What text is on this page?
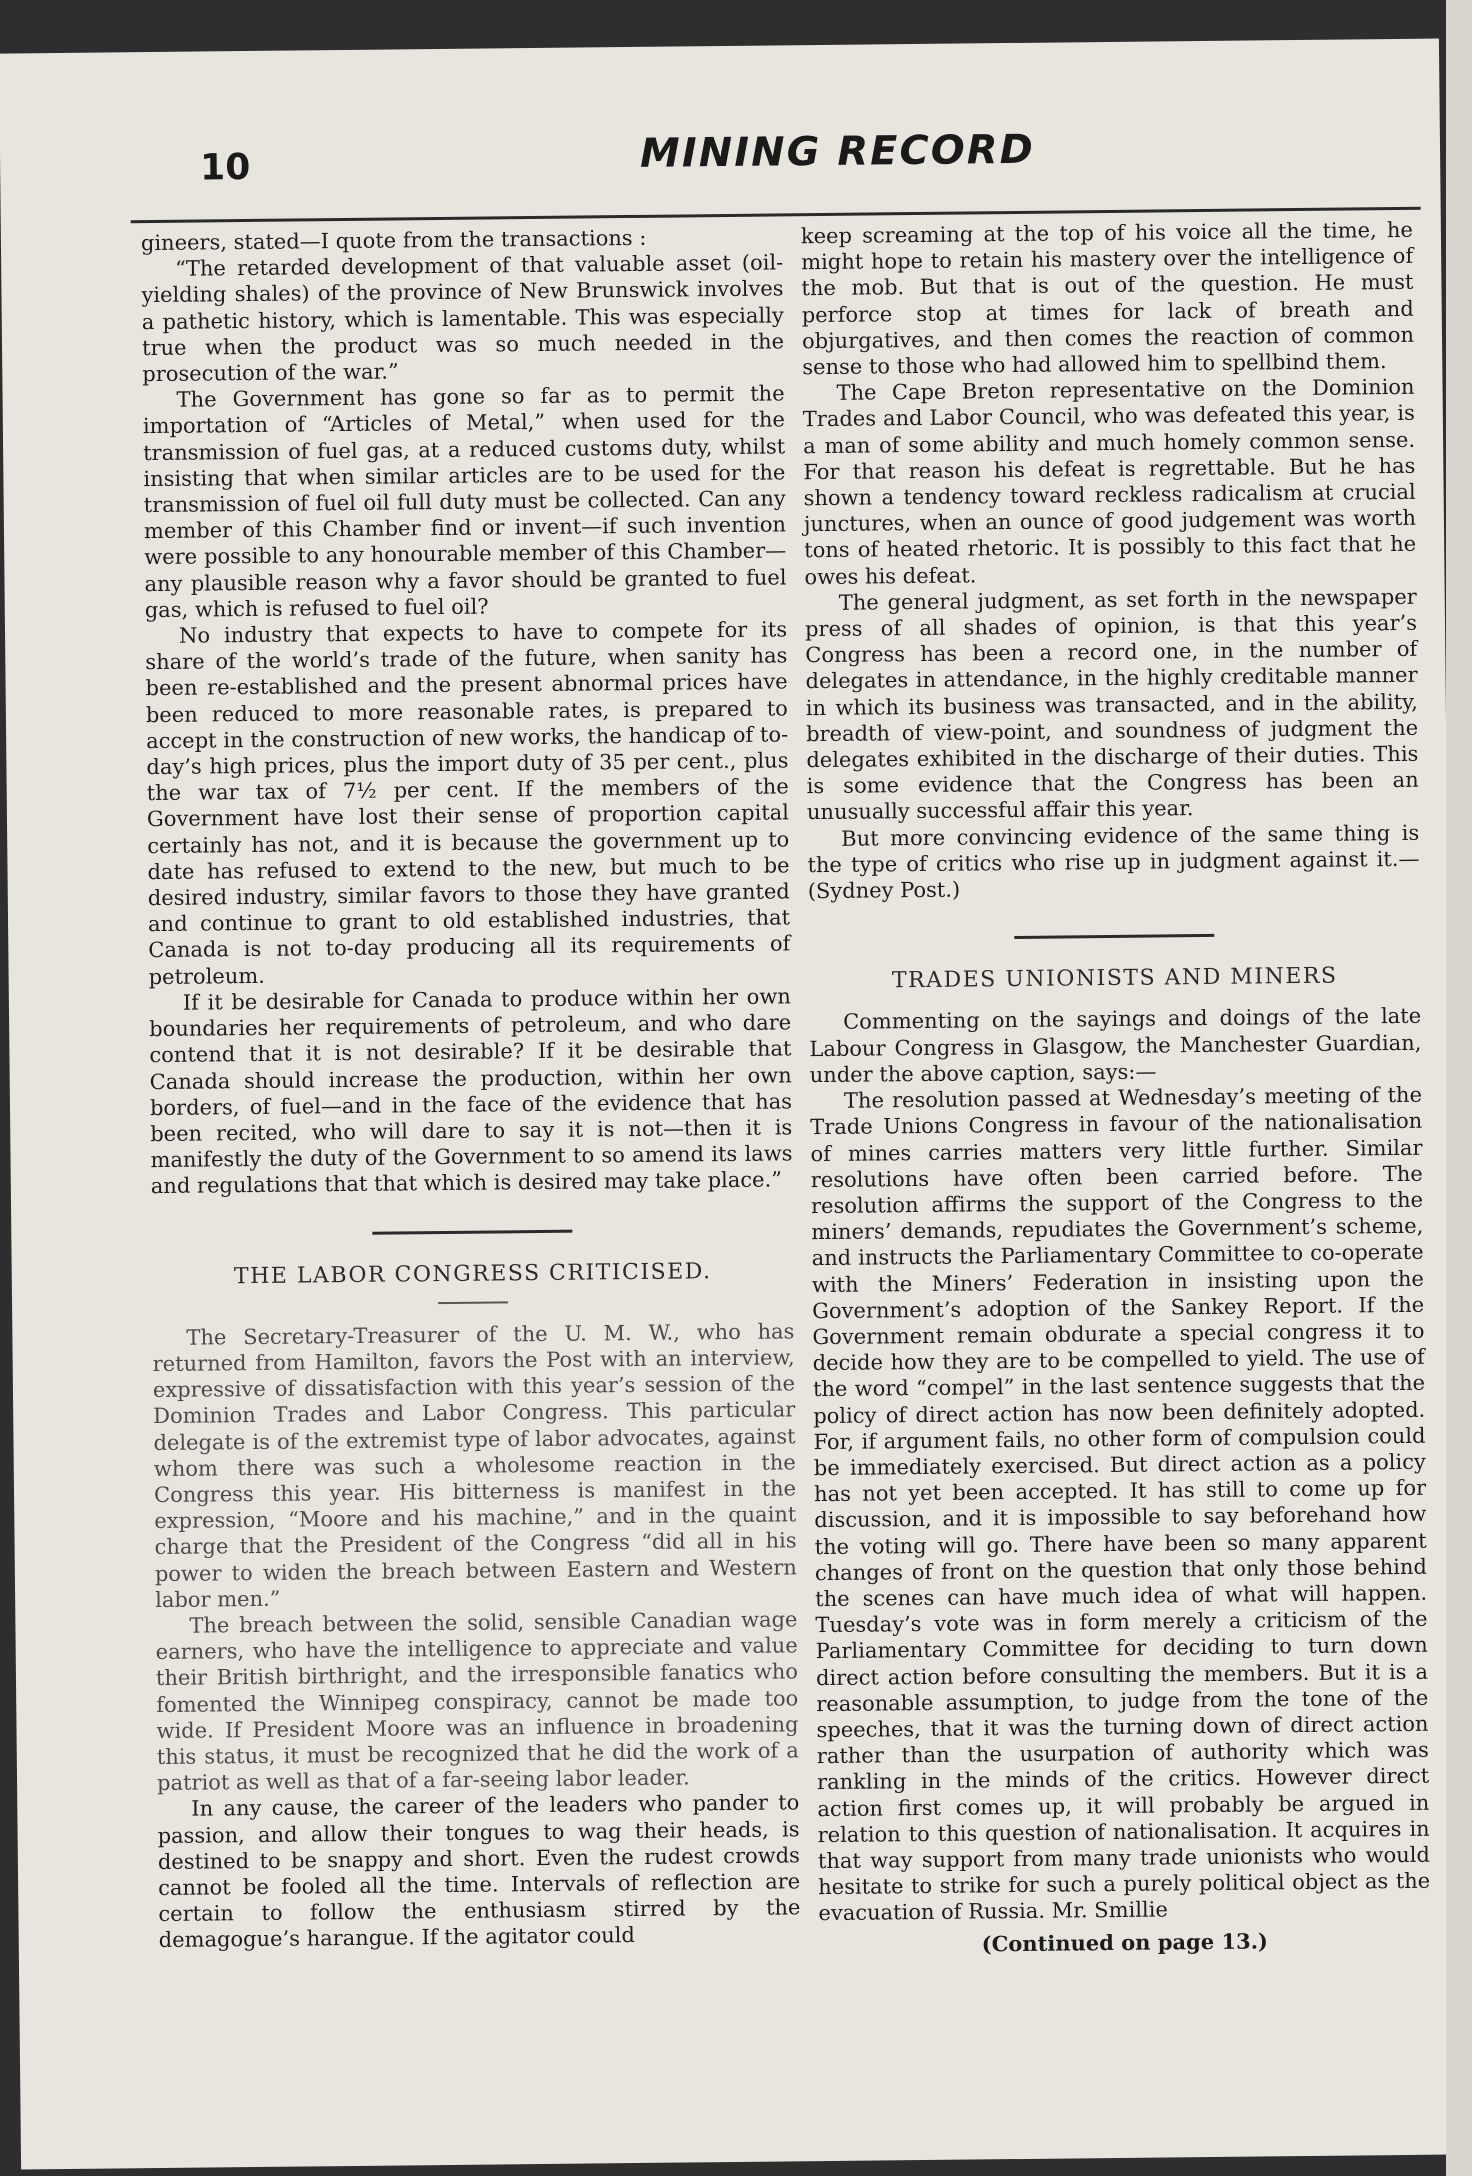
10	MINING RECORD

gineers, stated—I quote from the transactions :

“The retarded development of that valuable asset (oil-yielding shales) of the province of New Brunswick involves a pathetic history, which is lamentable. This was especially true when the product was so much needed in the prosecution of the war.”

The Government has gone so far as to permit the importation of “Articles of Metal,” when used for the transmission of fuel gas, at a reduced customs duty, whilst insisting that when similar articles are to be used for the transmission of fuel oil full duty must be collected. Can any member of this Chamber find or invent—if such invention were possible to any honourable member of this Chamber—any plausible reason why a favor should be granted to fuel gas, which is refused to fuel oil?

No industry that expects to have to compete for its share of the world’s trade of the future, when sanity has been re-established and the present abnormal prices have been reduced to more reasonable rates, is prepared to accept in the construction of new works, the handicap of to-day’s high prices, plus the import duty of 35 per cent., plus the war tax of 7½ per cent. If the members of the Government have lost their sense of proportion capital certainly has not, and it is because the government up to date has refused to extend to the new, but much to be desired industry, similar favors to those they have granted and continue to grant to old established industries, that Canada is not to-day producing all its requirements of petroleum.

If it be desirable for Canada to produce within her own boundaries her requirements of petroleum, and who dare contend that it is not desirable? If it be desirable that Canada should increase the production, within her own borders, of fuel—and in the face of the evidence that has been recited, who will dare to say it is not—then it is manifestly the duty of the Government to so amend its laws and regulations that that which is desired may take place.”

THE LABOR CONGRESS CRITICISED.

The Secretary-Treasurer of the U. M. W., who has returned from Hamilton, favors the Post with an interview, expressive of dissatisfaction with this year’s session of the Dominion Trades and Labor Congress. This particular delegate is of the extremist type of labor advocates, against whom there was such a wholesome reaction in the Congress this year. His bitterness is manifest in the expression, “Moore and his machine,” and in the quaint charge that the President of the Congress “did all in his power to widen the breach between Eastern and Western labor men.”

The breach between the solid, sensible Canadian wage earners, who have the intelligence to appreciate and value their British birthright, and the irresponsible fanatics who fomented the Winnipeg conspiracy, cannot be made too wide. If President Moore was an influence in broadening this status, it must be recognized that he did the work of a patriot as well as that of a far-seeing labor leader.

In any cause, the career of the leaders who pander to passion, and allow their tongues to wag their heads, is destined to be snappy and short. Even the rudest crowds cannot be fooled all the time. Intervals of reflection are certain to follow the enthusiasm stirred by the demagogue’s harangue. If the agitator could

keep screaming at the top of his voice all the time, he might hope to retain his mastery over the intelligence of the mob. But that is out of the question. He must perforce stop at times for lack of breath and objurgatives, and then comes the reaction of common sense to those who had allowed him to spellbind them.

The Cape Breton representative on the Dominion Trades and Labor Council, who was defeated this year, is a man of some ability and much homely common sense. For that reason his defeat is regrettable. But he has shown a tendency toward reckless radicalism at crucial junctures, when an ounce of good judgement was worth tons of heated rhetoric. It is possibly to this fact that he owes his defeat.

The general judgment, as set forth in the newspaper press of all shades of opinion, is that this year’s Congress has been a record one, in the number of delegates in attendance, in the highly creditable manner in which its business was transacted, and in the ability, breadth of view-point, and soundness of judgment the delegates exhibited in the discharge of their duties. This is some evidence that the Congress has been an unusually successful affair this year.

But more convincing evidence of the same thing is the type of critics who rise up in judgment against it.—(Sydney Post.)

TRADES UNIONISTS AND MINERS

Commenting on the sayings and doings of the late Labour Congress in Glasgow, the Manchester Guardian, under the above caption, says:—

The resolution passed at Wednesday’s meeting of the Trade Unions Congress in favour of the nationalisation of mines carries matters very little further. Similar resolutions have often been carried before. The resolution affirms the support of the Congress to the miners’ demands, repudiates the Government’s scheme, and instructs the Parliamentary Committee to co-operate with the Miners’ Federation in insisting upon the Government’s adoption of the Sankey Report. If the Government remain obdurate a special congress it to decide how they are to be compelled to yield. The use of the word “compel” in the last sentence suggests that the policy of direct action has now been definitely adopted. For, if argument fails, no other form of compulsion could be immediately exercised. But direct action as a policy has not yet been accepted. It has still to come up for discussion, and it is impossible to say beforehand how the voting will go. There have been so many apparent changes of front on the question that only those behind the scenes can have much idea of what will happen. Tuesday’s vote was in form merely a criticism of the Parliamentary Committee for deciding to turn down direct action before consulting the members. But it is a reasonable assumption, to judge from the tone of the speeches, that it was the turning down of direct action rather than the usurpation of authority which was rankling in the minds of the critics. However direct action first comes up, it will probably be argued in relation to this question of nationalisation. It acquires in that way support from many trade unionists who would hesitate to strike for such a purely political object as the evacuation of Russia. Mr. Smillie

(Continued on page 13.)
